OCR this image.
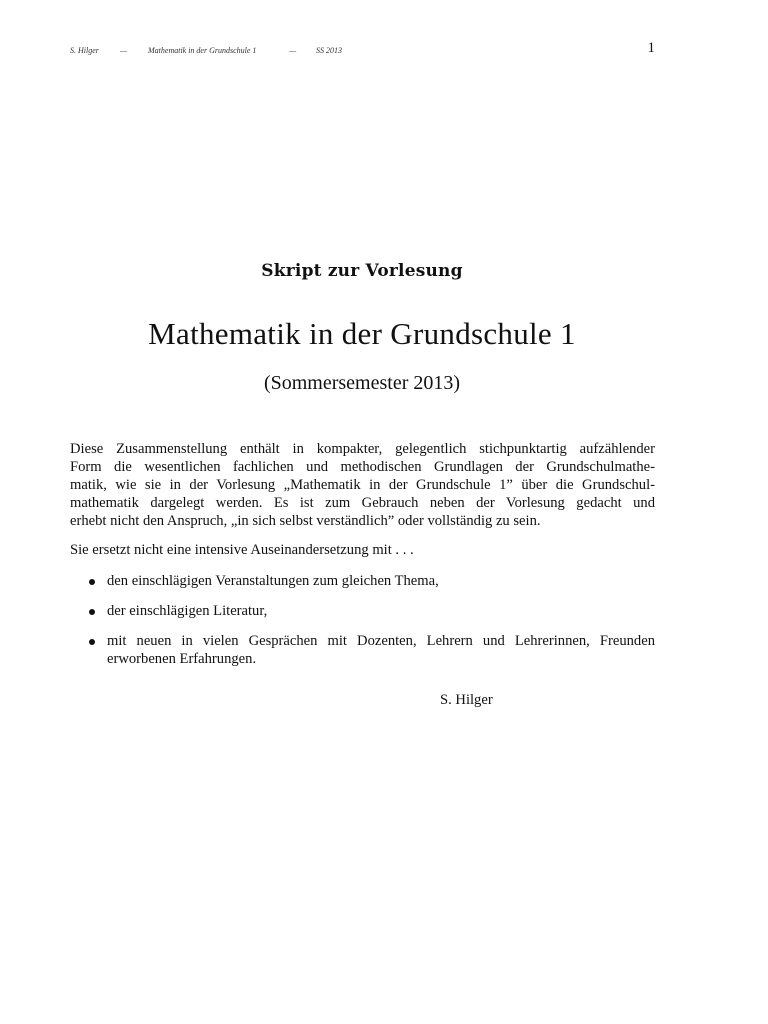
S. Hilger	—	Mathematik in der Grundschule 1	— SS 2013	1
Skript zur Vorlesung
Mathematik in der Grundschule 1
(Sommersemester 2013)
Diese Zusammenstellung enthält in kompakter, gelegentlich stichpunktartig aufzählender
Form die wesentlichen fachlichen und methodischen Grundlagen der Grundschulmathe-
matik, wie sie in der Vorlesung „Mathematik in der Grundschule 1” über die Grundschul-
mathematik dargelegt werden. Es ist zum Gebrauch neben der Vorlesung gedacht und
erhebt nicht den Anspruch, „in sich selbst verständlich” oder vollständig zu sein.
Sie ersetzt nicht eine intensive Auseinandersetzung mit . . .
den einschlägigen Veranstaltungen zum gleichen Thema,
der einschlägigen Literatur,
mit neuen in vielen Gesprächen mit Dozenten, Lehrern und Lehrerinnen, Freunden erworbenen Erfahrungen.
S. Hilger
